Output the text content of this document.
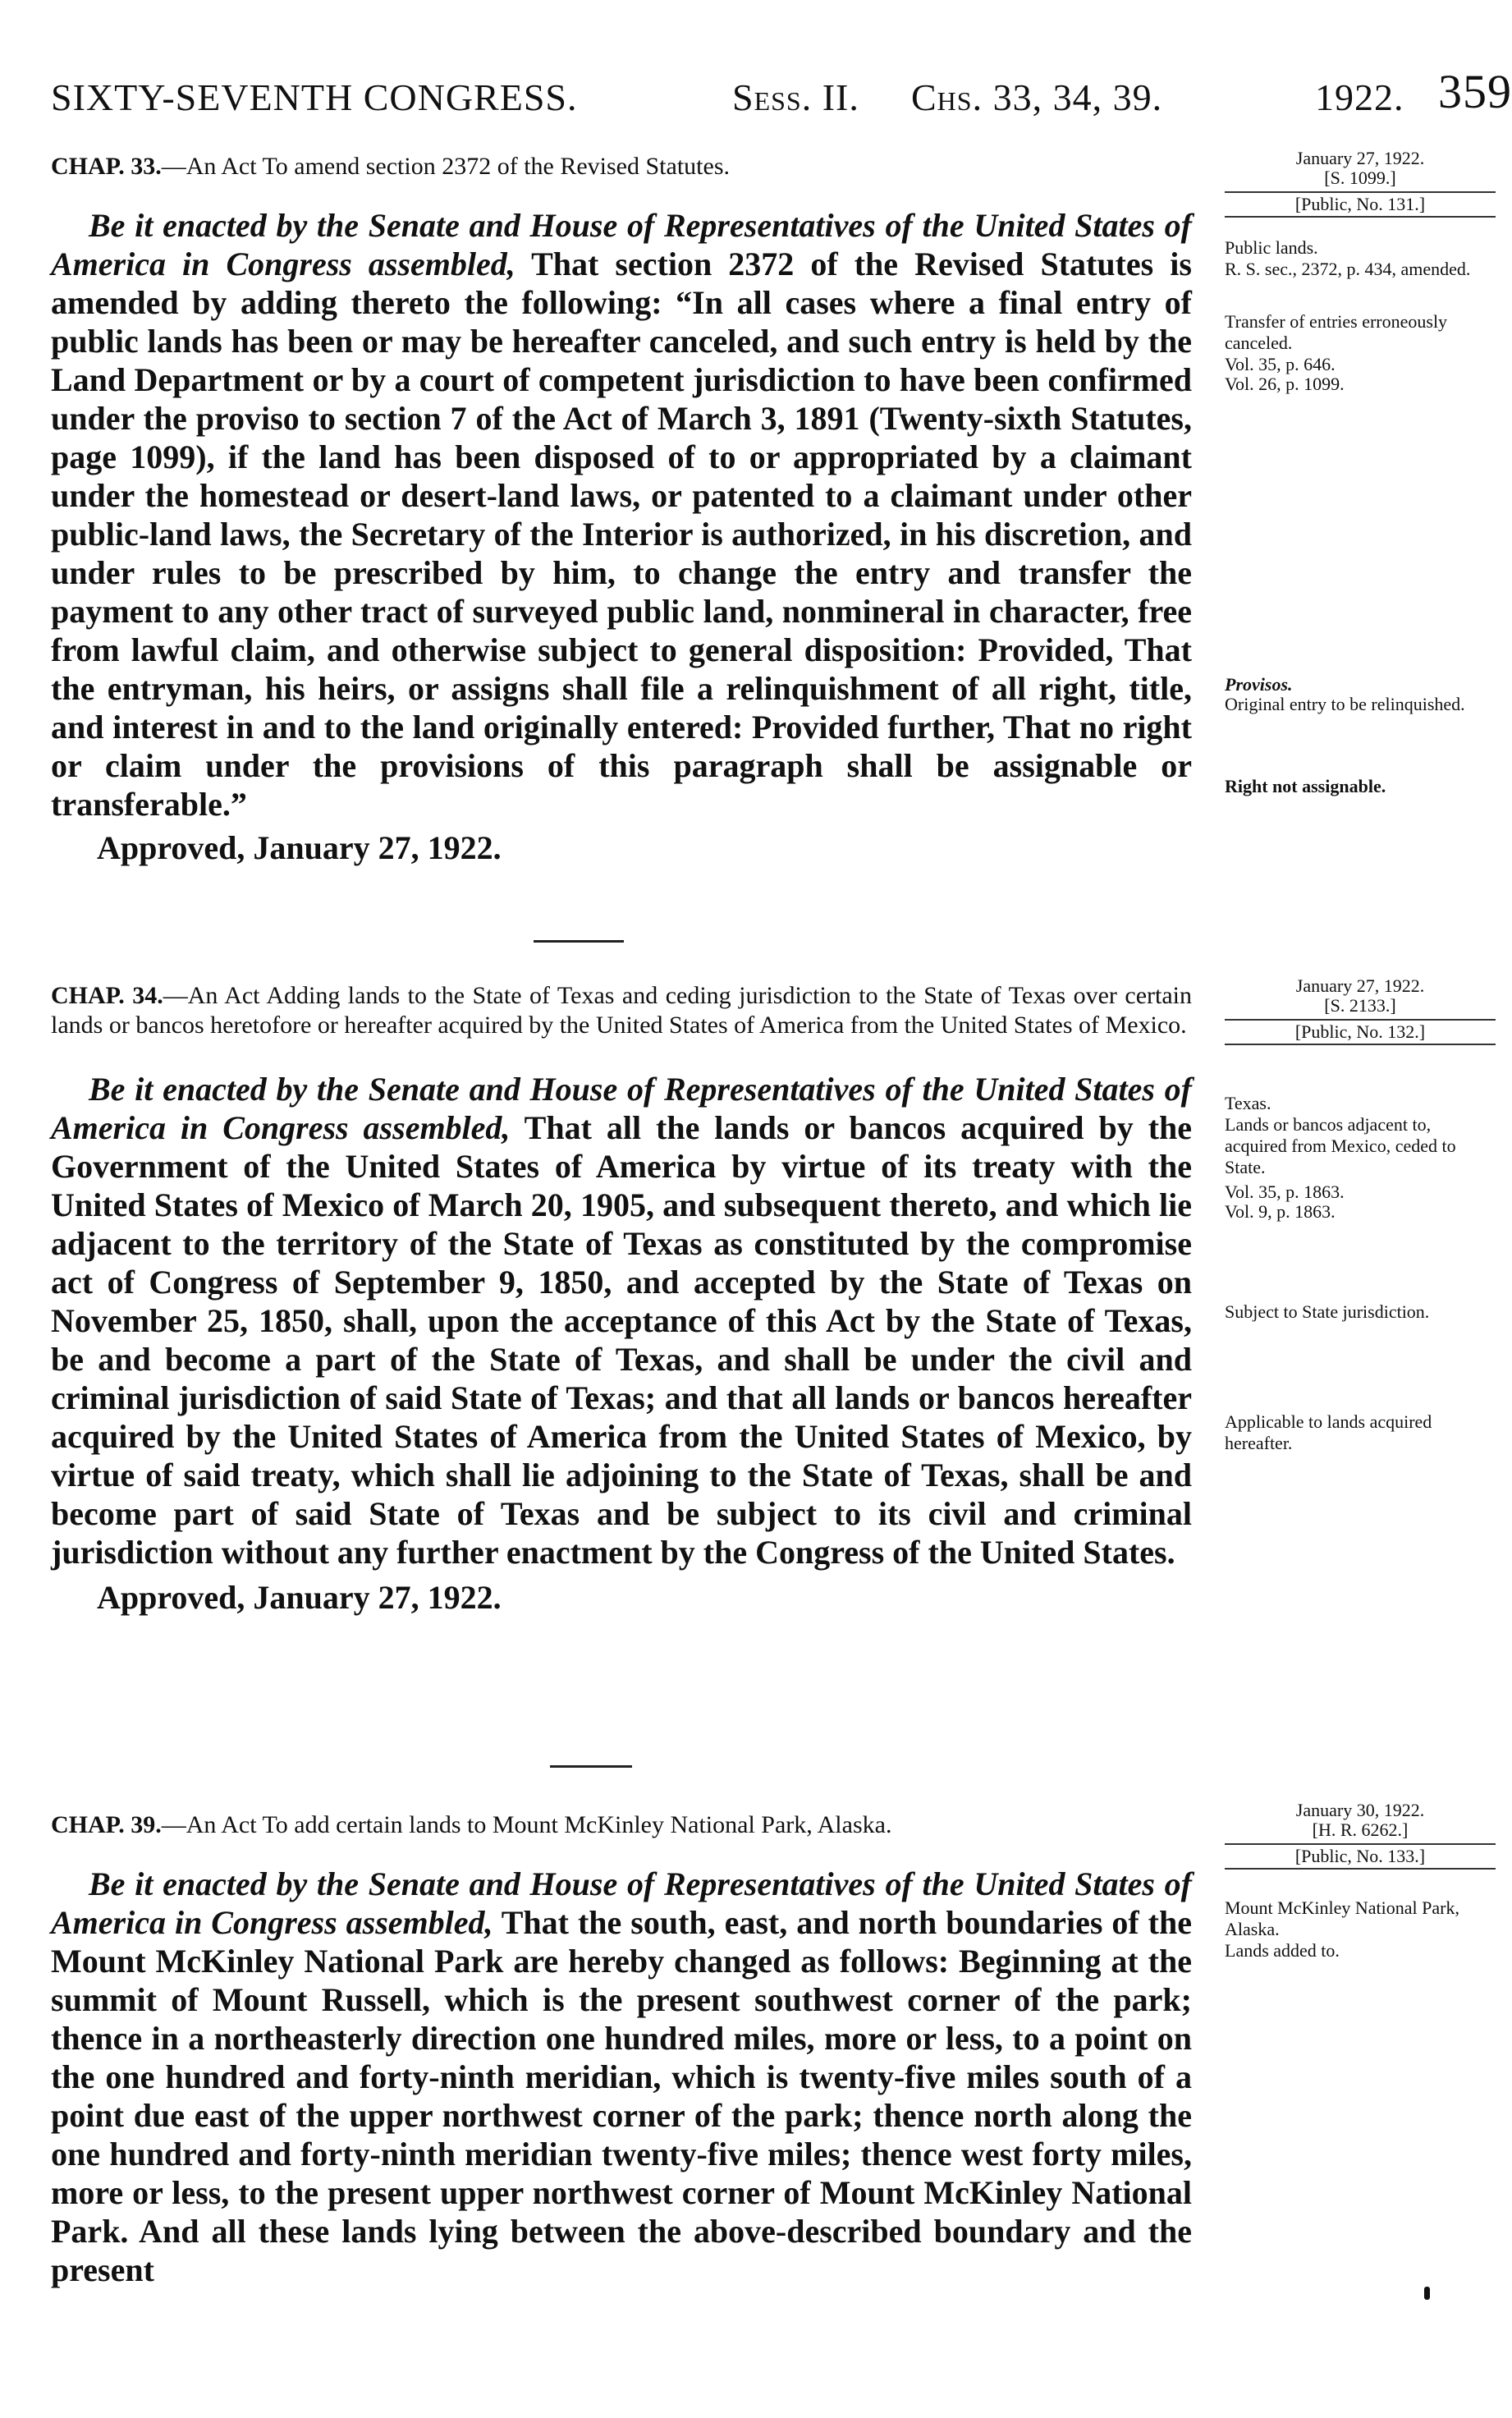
SIXTY-SEVENTH CONGRESS.	Sess. II. Chs. 33, 34, 39.	1922. 359
CHAP. 33.—An Act To amend section 2372 of the Revised Statutes.

Be it enacted by the Senate and House of Representatives of the United States of America in Congress assembled, That section 2372 of the Revised Statutes is amended by adding thereto the following: “In all cases where a final entry of public lands has been or may be hereafter canceled, and such entry is held by the Land Department or by a court of competent jurisdiction to have been confirmed under the proviso to section 7 of the Act of March 3, 1891 (Twenty-sixth Statutes, page 1099), if the land has been disposed of to or appropriated by a claimant under the homestead or desert-land laws, or patented to a claimant under other public-land laws, the Secretary of the Interior is authorized, in his discretion, and under rules to be prescribed by him, to change the entry and transfer the payment to any other tract of surveyed public land, nonmineral in character, free from lawful claim, and otherwise subject to general disposition: Provided, That the entryman, his heirs, or assigns shall file a relinquishment of all right, title, and interest in and to the land originally entered: Provided further, That no right or claim under the provisions of this paragraph shall be assignable or transferable.”

Approved, January 27, 1922.
January 27, 1922.
[S. 1099.]
[Public, No. 131.]
Public lands.
R. S. sec., 2372, p. 434, amended.
Transfer of entries erroneously canceled.
Vol. 35, p. 646.
Vol. 26, p. 1099.
Provisos.
Original entry to be relinquished.
Right not assignable.
CHAP. 34.—An Act Adding lands to the State of Texas and ceding jurisdiction to the State of Texas over certain lands or bancos heretofore or hereafter acquired by the United States of America from the United States of Mexico.

Be it enacted by the Senate and House of Representatives of the United States of America in Congress assembled, That all the lands or bancos acquired by the Government of the United States of America by virtue of its treaty with the United States of Mexico of March 20, 1905, and subsequent thereto, and which lie adjacent to the territory of the State of Texas as constituted by the compromise act of Congress of September 9, 1850, and accepted by the State of Texas on November 25, 1850, shall, upon the acceptance of this Act by the State of Texas, be and become a part of the State of Texas, and shall be under the civil and criminal jurisdiction of said State of Texas; and that all lands or bancos hereafter acquired by the United States of America from the United States of Mexico, by virtue of said treaty, which shall lie adjoining to the State of Texas, shall be and become part of said State of Texas and be subject to its civil and criminal jurisdiction without any further enactment by the Congress of the United States.

Approved, January 27, 1922.
January 27, 1922.
[S. 2133.]
[Public, No. 132.]
Texas.
Lands or bancos adjacent to, acquired from Mexico, ceded to State.
Vol. 35, p. 1863.
Vol. 9, p. 1863.
Subject to State jurisdiction.
Applicable to lands acquired hereafter.
CHAP. 39.—An Act To add certain lands to Mount McKinley National Park, Alaska.

Be it enacted by the Senate and House of Representatives of the United States of America in Congress assembled, That the south, east, and north boundaries of the Mount McKinley National Park are hereby changed as follows: Beginning at the summit of Mount Russell, which is the present southwest corner of the park; thence in a northeasterly direction one hundred miles, more or less, to a point on the one hundred and forty-ninth meridian, which is twenty-five miles south of a point due east of the upper northwest corner of the park; thence north along the one hundred and forty-ninth meridian twenty-five miles; thence west forty miles, more or less, to the present upper northwest corner of Mount McKinley National Park. And all these lands lying between the above-described boundary and the present

January 30, 1922.
[H. R. 6262.]
[Public, No. 133.]
Mount McKinley National Park, Alaska.
Lands added to.
